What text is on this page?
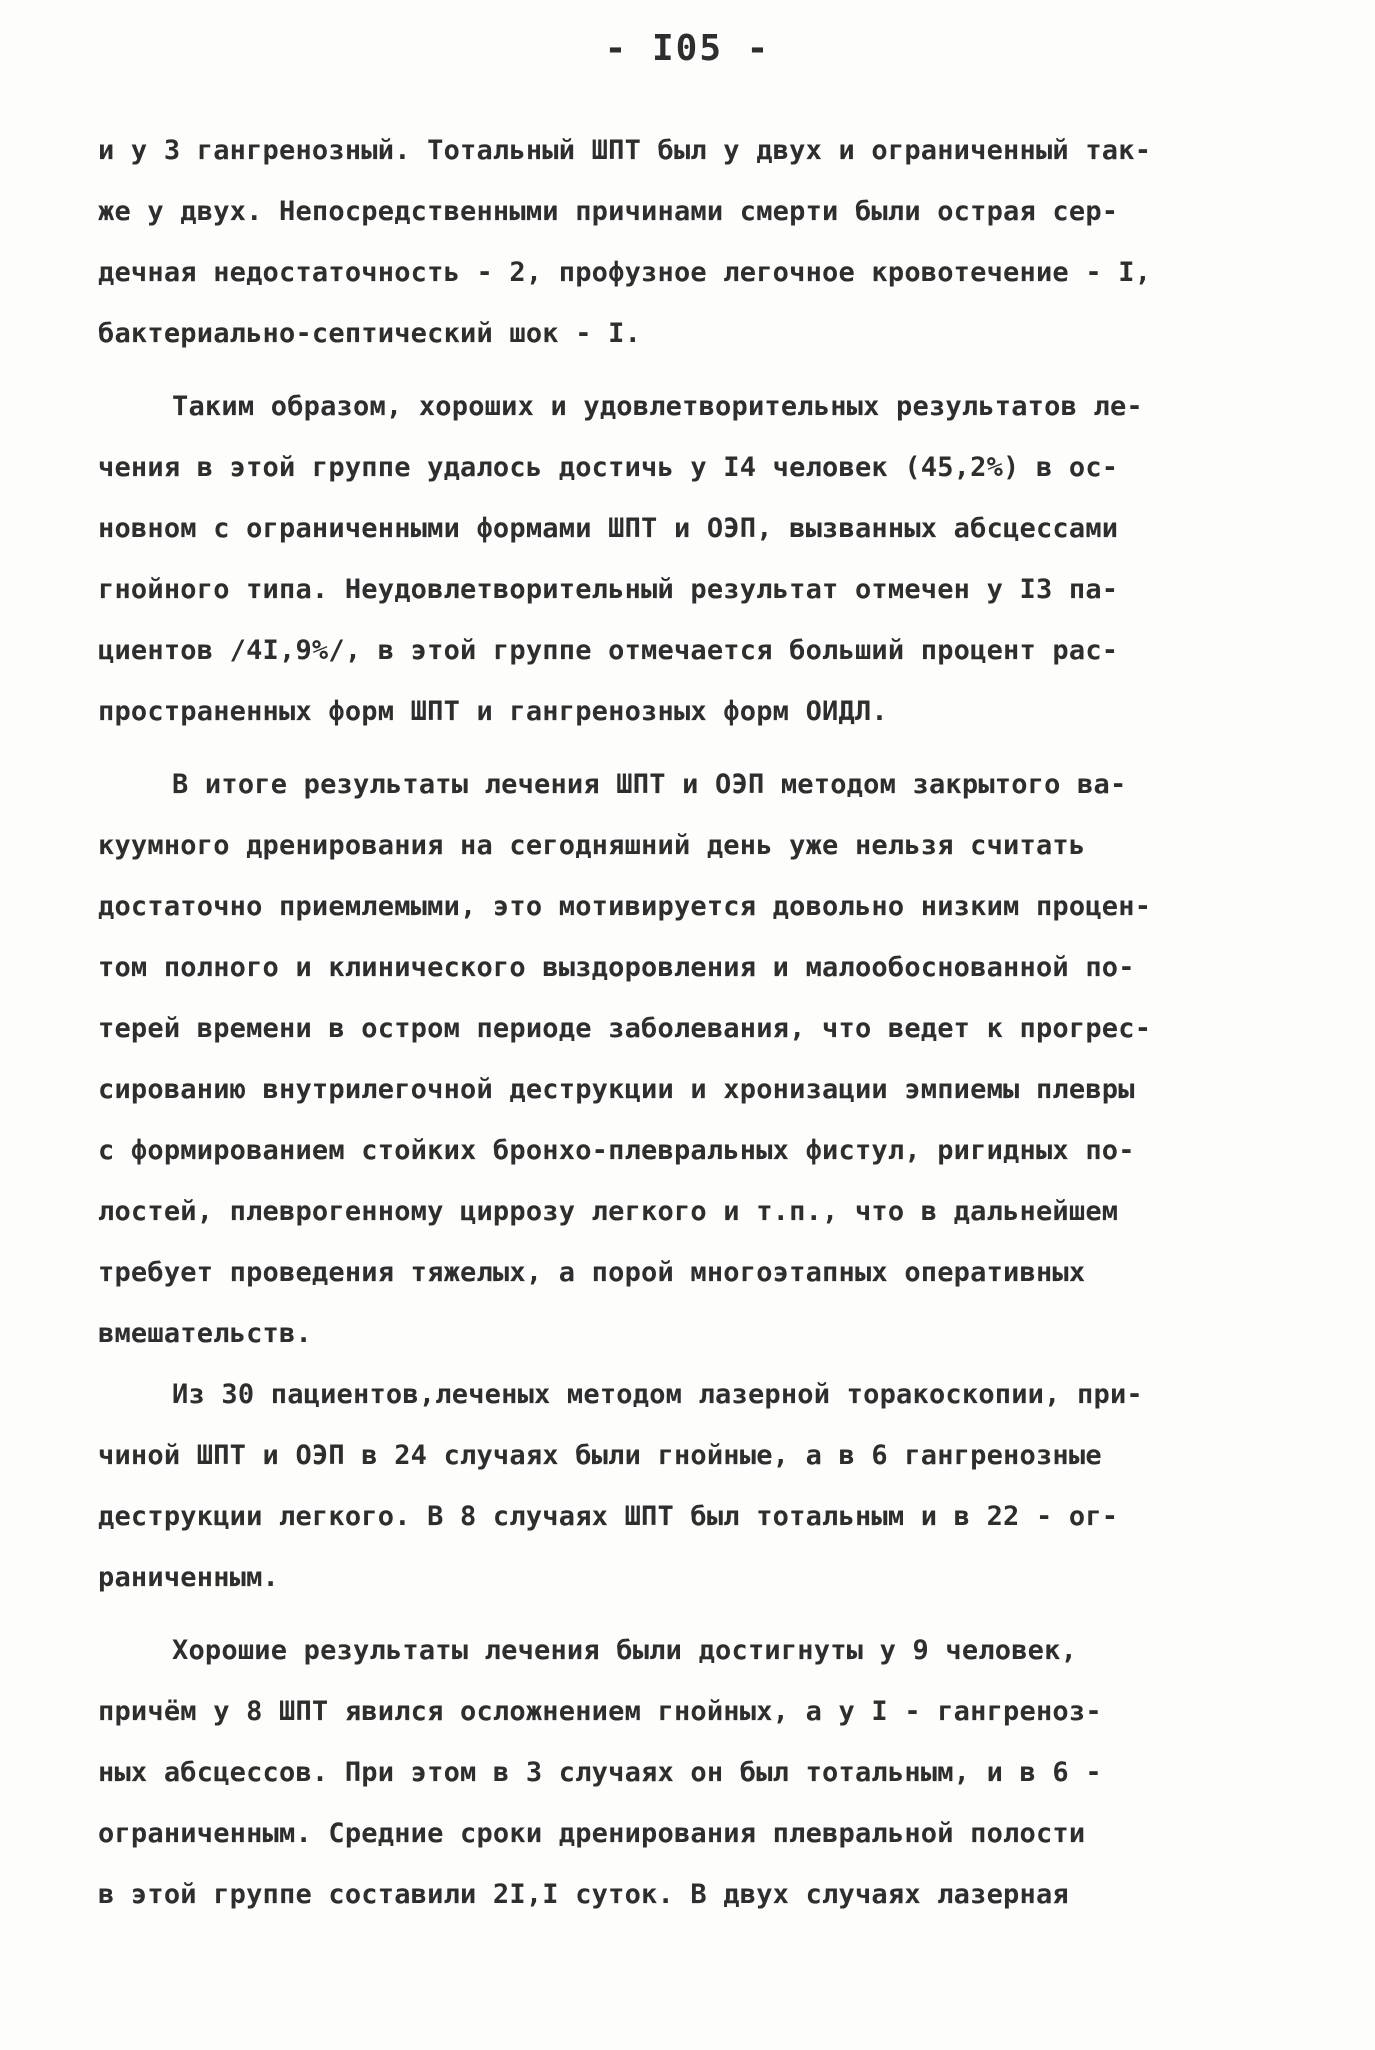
- I05 -
и у 3 гангренозный. Тотальный ШПТ был у двух и ограниченный так-
же у двух. Непосредственными причинами смерти были острая сер-
дечная недостаточность - 2, профузное легочное кровотечение - I,
бактериально-септический шок - I.
Таким образом, хороших и удовлетворительных результатов ле-
чения в этой группе удалось достичь у I4 человек (45,2%) в ос-
новном с ограниченными формами ШПТ и ОЭП, вызванных абсцессами
гнойного типа. Неудовлетворительный результат отмечен у I3 па-
циентов /4I,9%/, в этой группе отмечается больший процент рас-
пространенных форм ШПТ и гангренозных форм ОИДЛ.
В итоге результаты лечения ШПТ и ОЭП методом закрытого ва-
куумного дренирования на сегодняшний день уже нельзя считать
достаточно приемлемыми, это мотивируется довольно низким процен-
том полного и клинического выздоровления и малообоснованной по-
терей времени в остром периоде заболевания, что ведет к прогрес-
сированию внутрилегочной деструкции и хронизации эмпиемы плевры
с формированием стойких бронхо-плевральных фистул, ригидных по-
лостей, плеврогенному циррозу легкого и т.п., что в дальнейшем
требует проведения тяжелых, а порой многоэтапных оперативных
вмешательств.
Из 30 пациентов,леченых методом лазерной торакоскопии, при-
чиной ШПТ и ОЭП в 24 случаях были гнойные, а в 6 гангренозные
деструкции легкого. В 8 случаях ШПТ был тотальным и в 22 - ог-
раниченным.
Хорошие результаты лечения были достигнуты у 9 человек,
причём у 8 ШПТ явился осложнением гнойных, а у I - гангреноз-
ных абсцессов. При этом в 3 случаях он был тотальным, и в 6 -
ограниченным. Средние сроки дренирования плевральной полости
в этой группе составили 2I,I суток. В двух случаях лазерная
